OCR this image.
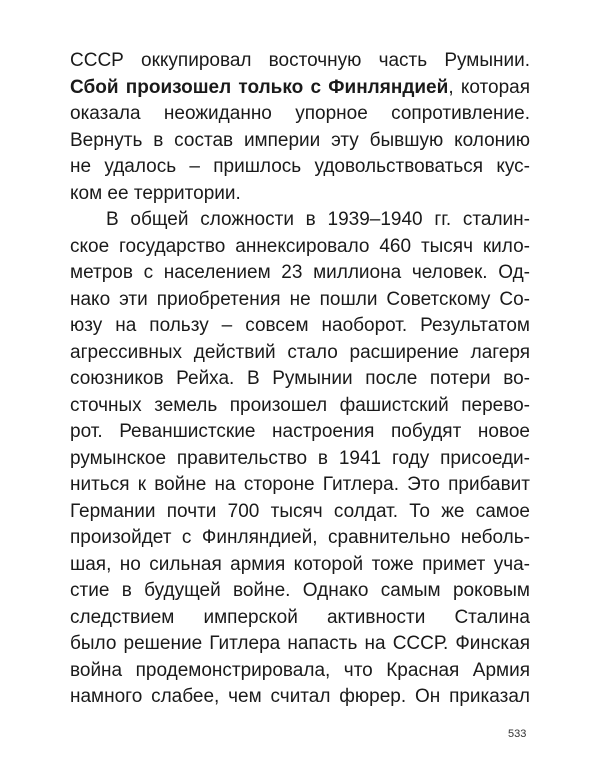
СССР оккупировал восточную часть Румынии.
Сбой произошел только с Финляндией, которая
оказала неожиданно упорное сопротивление.
Вернуть в состав империи эту бывшую колонию
не удалось – пришлось удовольствоваться кус-
ком ее территории.
В общей сложности в 1939–1940 гг. сталин-
ское государство аннексировало 460 тысяч кило-
метров с населением 23 миллиона человек. Од-
нако эти приобретения не пошли Советскому Со-
юзу на пользу – совсем наоборот. Результатом
агрессивных действий стало расширение лагеря
союзников Рейха. В Румынии после потери во-
сточных земель произошел фашистский перево-
рот. Реваншистские настроения побудят новое
румынское правительство в 1941 году присоеди-
ниться к войне на стороне Гитлера. Это прибавит
Германии почти 700 тысяч солдат. То же самое
произойдет с Финляндией, сравнительно неболь-
шая, но сильная армия которой тоже примет уча-
стие в будущей войне. Однако самым роковым
следствием имперской активности Сталина
было решение Гитлера напасть на СССР. Финская
война продемонстрировала, что Красная Армия
намного слабее, чем считал фюрер. Он приказал
533
